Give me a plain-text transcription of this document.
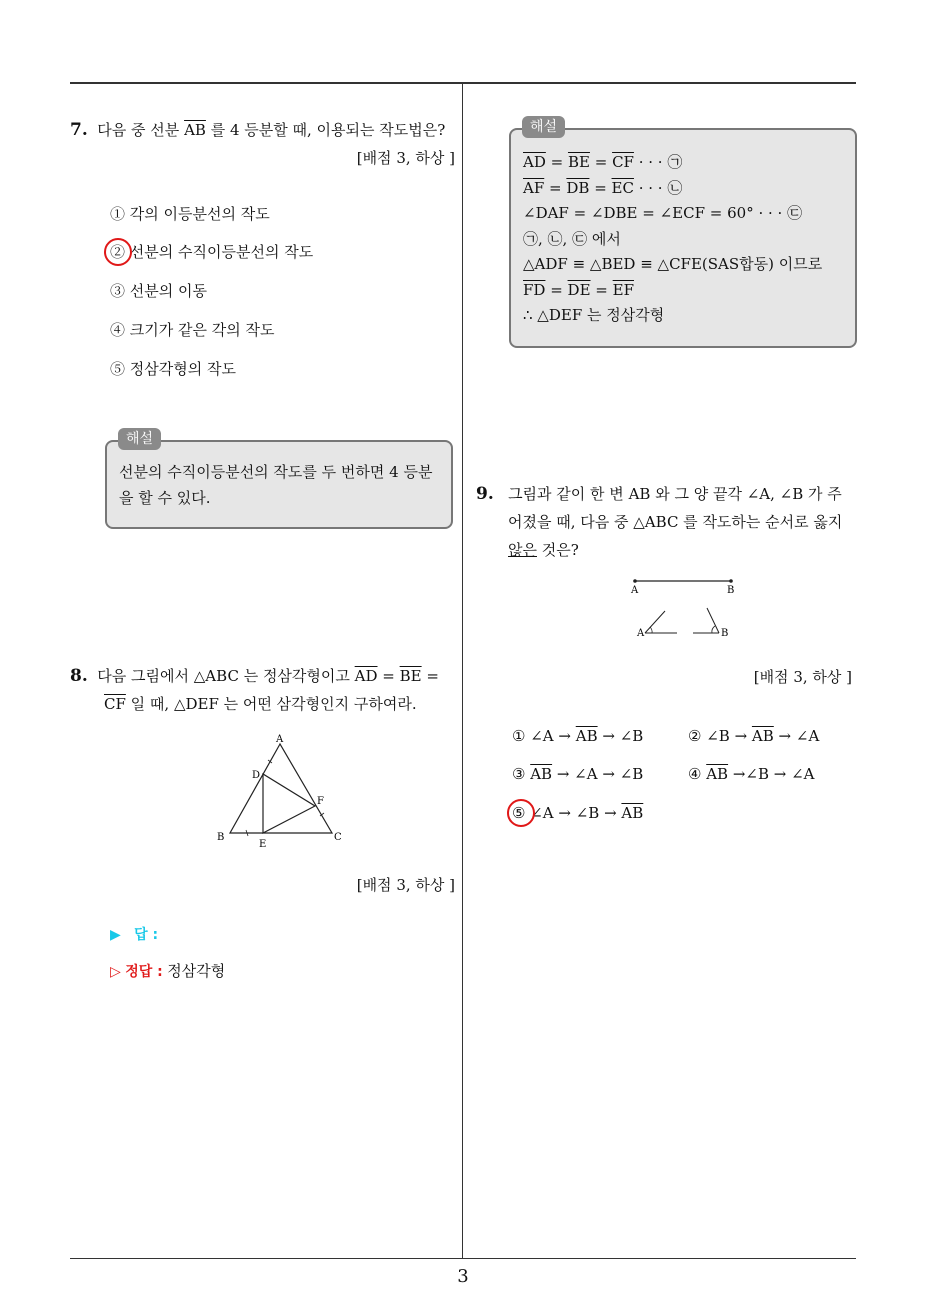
3
7. 다음 중 선분 $\overline{AB}$ 를 4 등분할 때, 이용되는 작도법은?
[배점 3, 하상 ]
① 각의 이등분선의 작도
② 선분의 수직이등분선의 작도
③ 선분의 이동
④ 크기가 같은 각의 작도
⑤ 정삼각형의 작도
선분의 수직이등분선의 작도를 두 번하면 4 등분
을 할 수 있다.
해설
8. 다음 그림에서 △ABC 는 정삼각형이고 $\overline{AD} = \overline{BE}$ =
$\overline{CF}$ 일 때, △DEF 는 어떤 삼각형인지 구하여라.
A
B	C
D
E
F
[배점 3, 하상 ]
▶ 답 :
▷ 정답 : 정삼각형
$\overline{AD} = \overline{BE} = \overline{CF}$ · · · ㉠
$\overline{AF} = \overline{DB} = \overline{EC}$ · · · ㉡
∠DAF = ∠DBE = ∠ECF = 60° · · · ㉢
㉠, ㉡, ㉢ 에서
△ADF ≡ △BED ≡ △CFE(SAS합동) 이므로
$\overline{FD} = \overline{DE} = \overline{EF}$
∴ △DEF 는 정삼각형
해설
9. 그림과 같이 한 변 AB 와 그 양 끝각 ∠A, ∠B 가 주
어졌을 때, 다음 중 △ABC 를 작도하는 순서로 옳지
않은 것은?
A	B
A	B
[배점 3, 하상 ]
① ∠A → $\overline{AB}$ → ∠B	② ∠B → $\overline{AB}$ → ∠A
③ $\overline{AB}$ → ∠A → ∠B	④ $\overline{AB}$ →∠B → ∠A
⑤ ∠A → ∠B → $\overline{AB}$
